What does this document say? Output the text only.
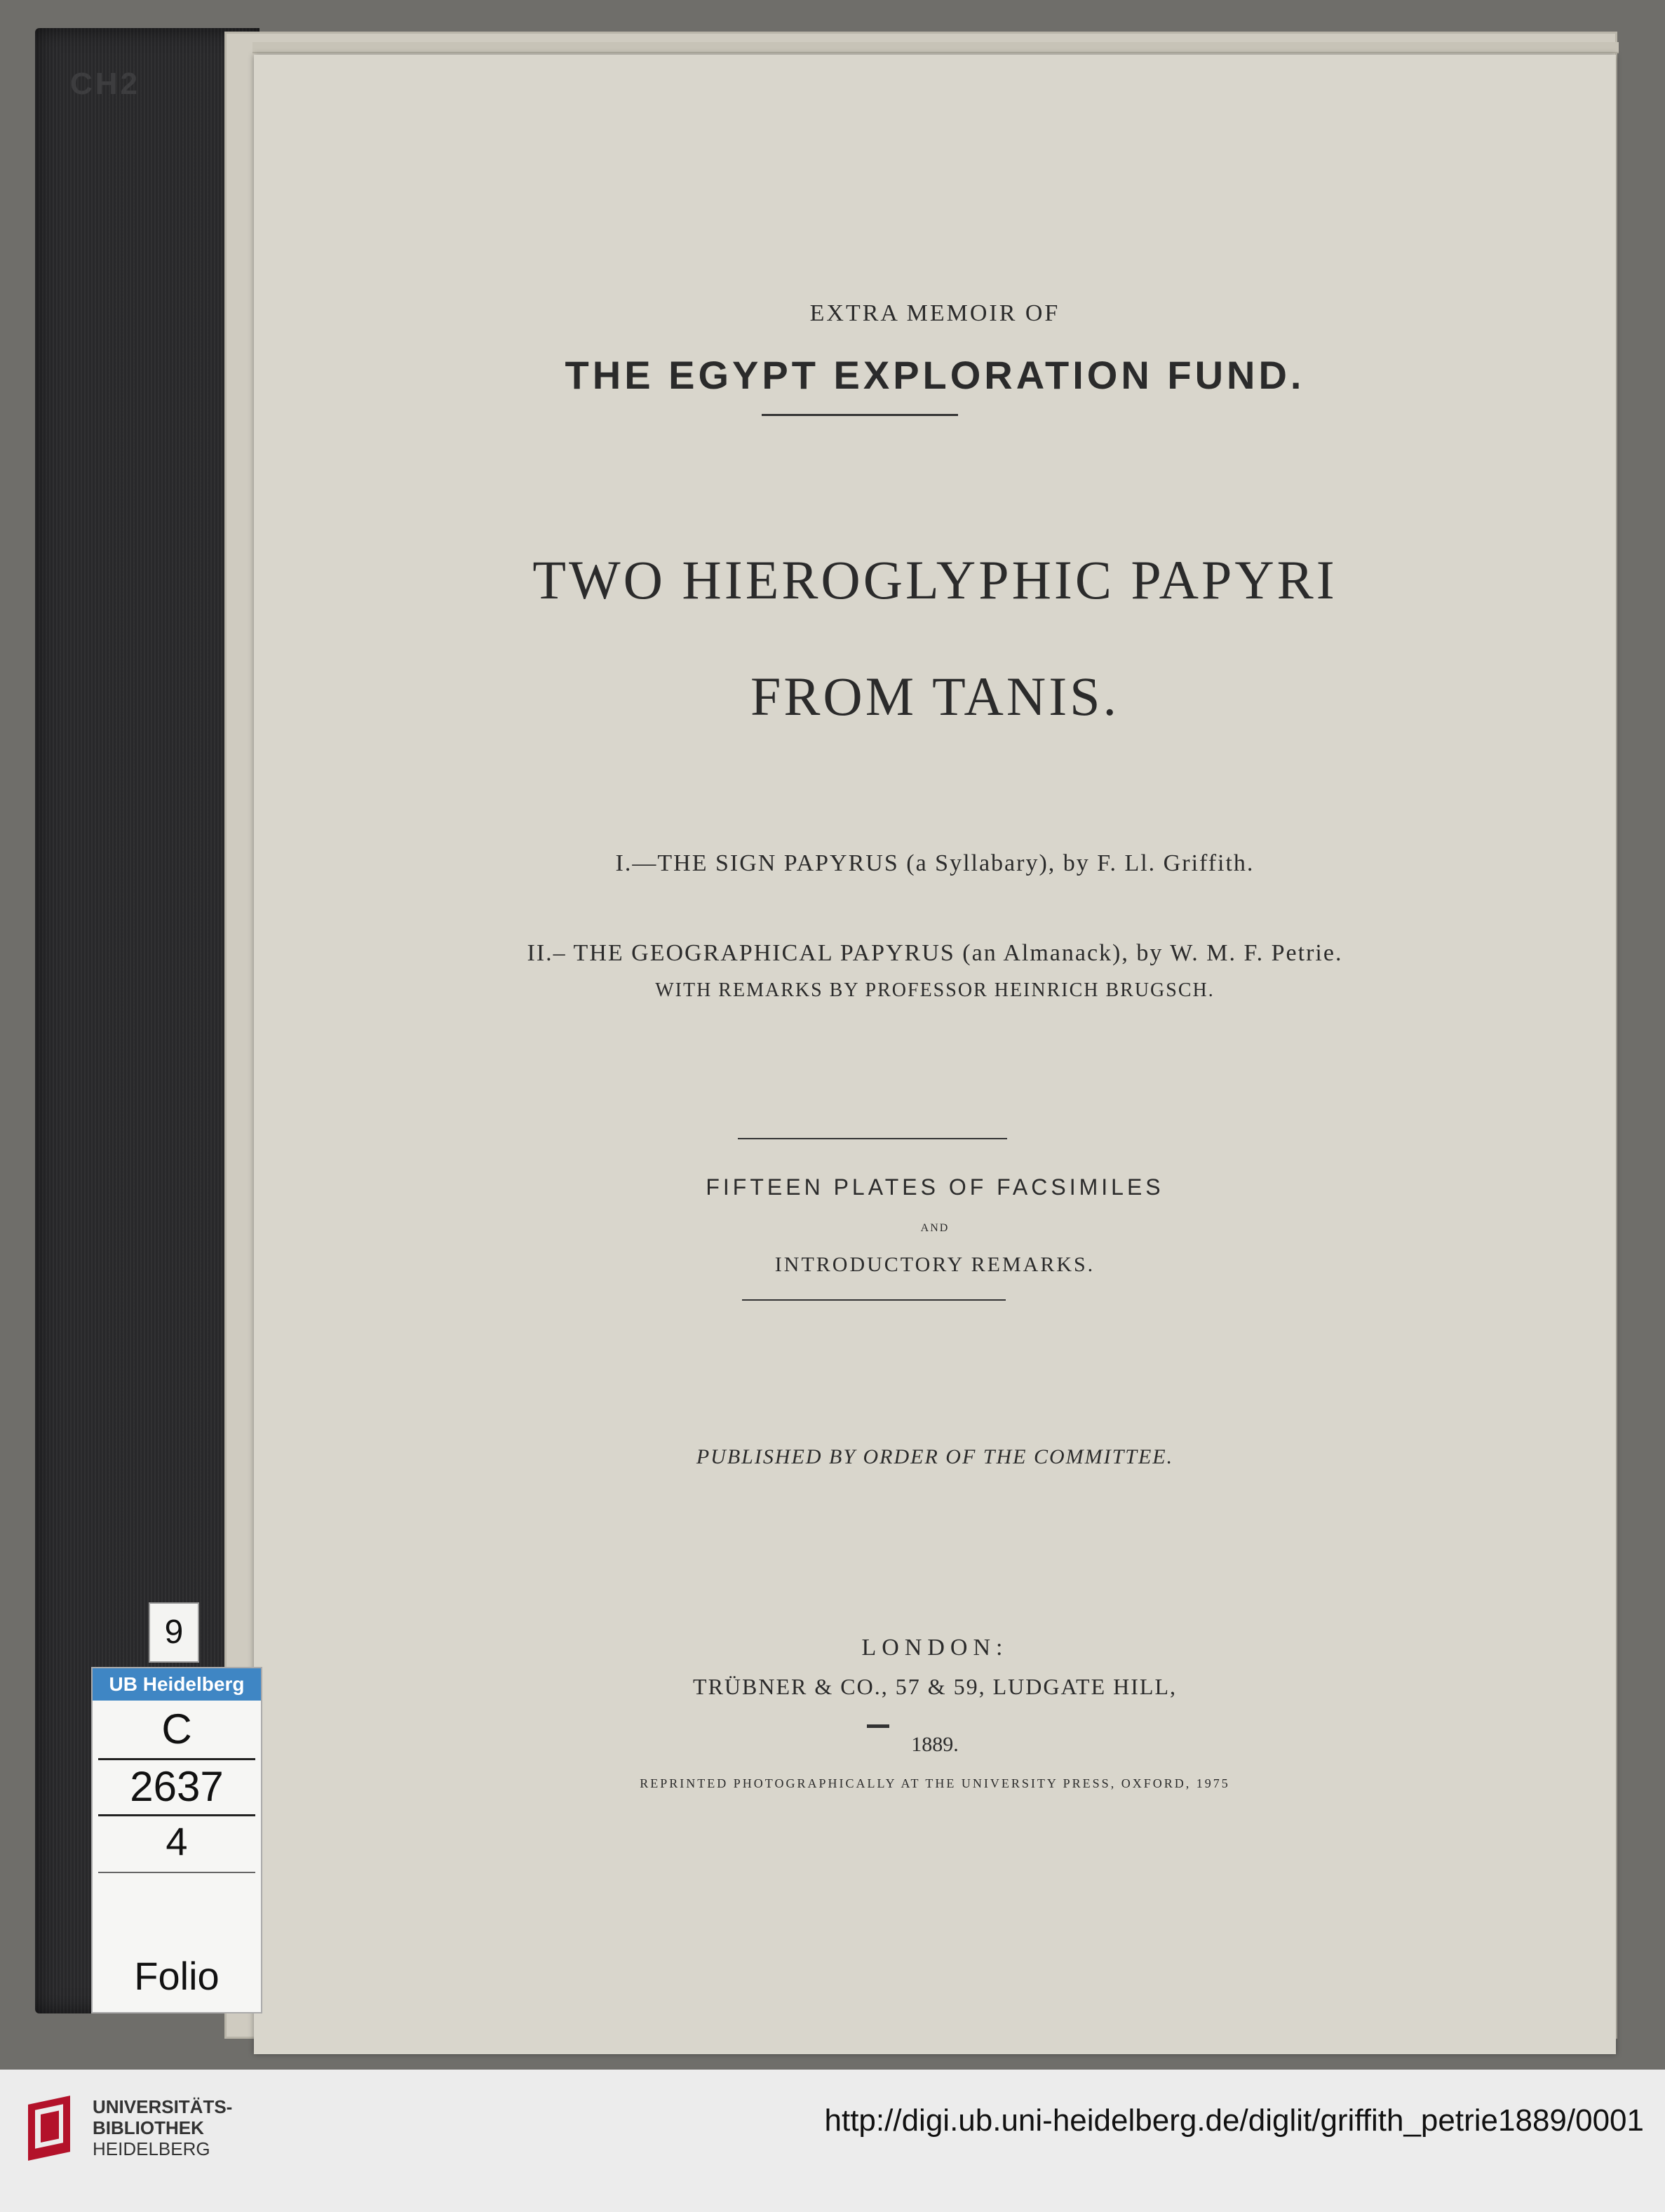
CH2
EXTRA MEMOIR OF
THE EGYPT EXPLORATION FUND.
TWO HIEROGLYPHIC PAPYRI
FROM TANIS.
I.—THE SIGN PAPYRUS (a Syllabary), by F. Ll. Griffith.
II.– THE GEOGRAPHICAL PAPYRUS (an Almanack), by W. M. F. Petrie.
WITH REMARKS BY PROFESSOR HEINRICH BRUGSCH.
FIFTEEN PLATES OF FACSIMILES
AND
INTRODUCTORY REMARKS.
PUBLISHED BY ORDER OF THE COMMITTEE.
LONDON:
TRÜBNER & CO., 57 & 59, LUDGATE HILL,
1889.
REPRINTED PHOTOGRAPHICALLY AT THE UNIVERSITY PRESS, OXFORD, 1975
9
UB Heidelberg
C
2637
4
Folio
UNIVERSITÄTS-
BIBLIOTHEK
HEIDELBERG
http://digi.ub.uni-heidelberg.de/diglit/griffith_petrie1889/0001
